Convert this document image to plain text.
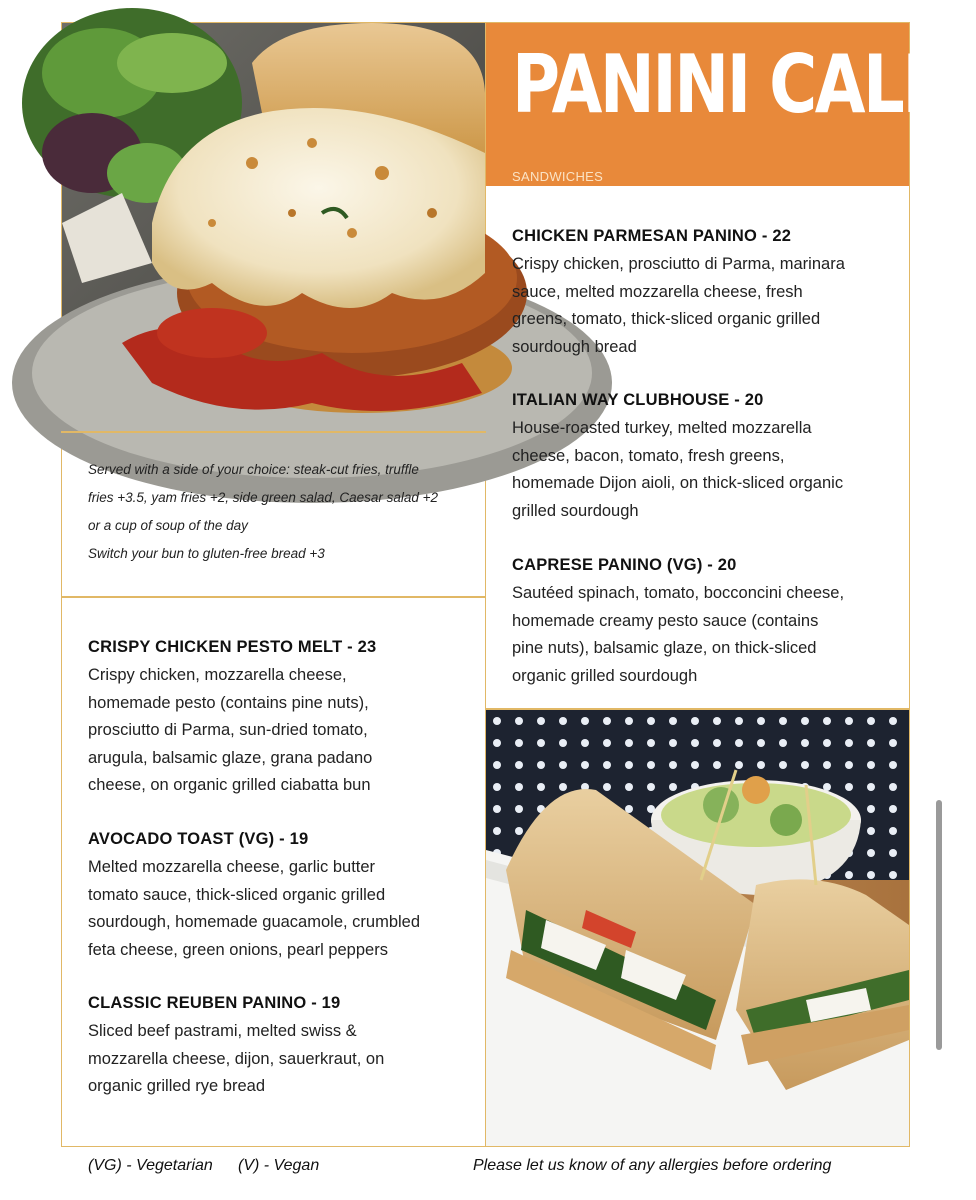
Served with a side of your choice: steak-cut fries, truffle
fries +3.5, yam fries +2, side green salad, Caesar salad +2
or a cup of soup of the day
Switch your bun to gluten-free bread +3
PANINI CALDI
SANDWICHES
CHICKEN PARMESAN PANINO - 22
Crispy chicken, prosciutto di Parma, marinara
sauce, melted mozzarella cheese, fresh
greens, tomato, thick-sliced organic grilled
sourdough bread
ITALIAN WAY CLUBHOUSE - 20
House-roasted turkey, melted mozzarella
cheese, bacon, tomato, fresh greens,
homemade Dijon aioli, on thick-sliced organic
grilled sourdough
CAPRESE PANINO (VG) - 20
Sautéed spinach, tomato, bocconcini cheese,
homemade creamy pesto sauce (contains
pine nuts), balsamic glaze, on thick-sliced
organic grilled sourdough
CRISPY CHICKEN PESTO MELT - 23
Crispy chicken, mozzarella cheese,
homemade pesto (contains pine nuts),
prosciutto di Parma, sun-dried tomato,
arugula, balsamic glaze, grana padano
cheese, on organic grilled ciabatta bun
AVOCADO TOAST (VG) - 19
Melted mozzarella cheese, garlic butter
tomato sauce, thick-sliced organic grilled
sourdough, homemade guacamole, crumbled
feta cheese, green onions, pearl peppers
CLASSIC REUBEN PANINO - 19
Sliced beef pastrami, melted swiss &
mozzarella cheese, dijon, sauerkraut, on
organic grilled rye bread
(VG) - Vegetarian (V) - Vegan	Please let us know of any allergies before ordering
